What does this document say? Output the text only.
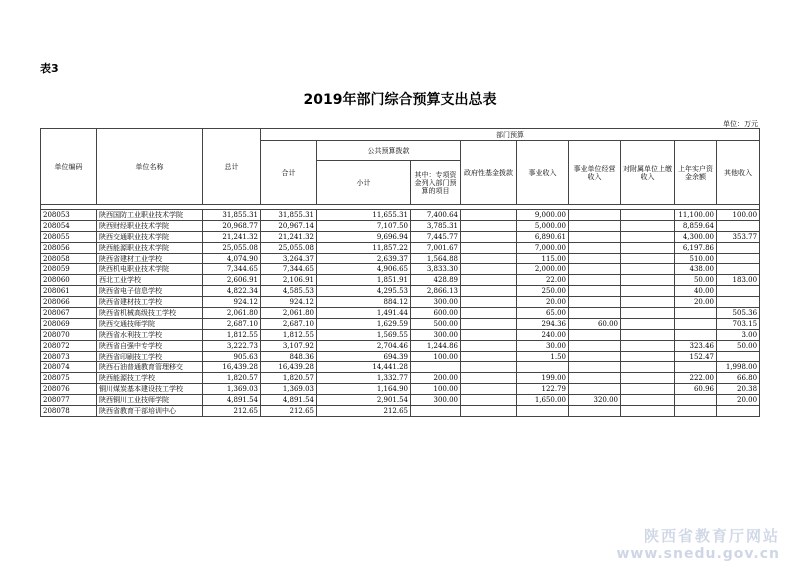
表3
2019年部门综合预算支出总表
单位：万元
单位编码	单位名称	总计	部门预算									
			合计	公共预算拨款		政府性基金拨款	事业收入	事业单位经营收入	对附属单位上缴收入	上年实户资金余额	其他收入	
				小计	其中：专项资金列入部门预算的项目							

208053	陕西国防工业职业技术学院	31,855.31	31,855.31	11,655.31	7,400.64		9,000.00			11,100.00	100.00	
208054	陕西财经职业技术学院	20,968.77	20,967.14	7,107.50	3,785.31		5,000.00			8,859.64		
208055	陕西交通职业技术学院	21,241.32	21,241.32	9,696.94	7,445.77		6,890.61			4,300.00	353.77	
208056	陕西能源职业技术学院	25,055.08	25,055.08	11,857.22	7,001.67		7,000.00			6,197.86		
208058	陕西省建材工业学校	4,074.90	3,264.37	2,639.37	1,564.88		115.00			510.00		
208059	陕西机电职业技术学院	7,344.65	7,344.65	4,906.65	3,833.30		2,000.00			438.00		
208060	西北工业学校	2,606.91	2,106.91	1,851.91	428.89		22.00			50.00	183.00	
208061	陕西省电子信息学校	4,822.34	4,585.53	4,295.53	2,866.13		250.00			40.00		
208066	陕西省建材技工学校	924.12	924.12	884.12	300.00		20.00			20.00		
208067	陕西省机械高级技工学校	2,061.80	2,061.80	1,491.44	600.00		65.00				505.36	
208069	陕西交通技师学院	2,687.10	2,687.10	1,629.59	500.00		294.36	60.00			703.15	
208070	陕西省水利技工学校	1,812.55	1,812.55	1,569.55	300.00		240.00				3.00	
208072	陕西省自强中专学校	3,222.73	3,107.92	2,704.46	1,244.86		30.00			323.46	50.00	
208073	陕西省印刷技工学校	905.63	848.36	694.39	100.00		1.50			152.47		
208074	陕西石油普通教育管理移交	16,439.28	16,439.28	14,441.28							1,998.00	
208075	陕西能源技工学校	1,820.57	1,820.57	1,332.77	200.00		199.00			222.00	66.80	
208076	铜川煤炭基本建设技工学校	1,369.03	1,369.03	1,164.90	100.00		122.79			60.96	20.38	
208077	陕西铜川工业技师学院	4,891.54	4,891.54	2,901.54	300.00		1,650.00	320.00			20.00	
208078	陕西省教育干部培训中心	212.65	212.65	212.65								
陕西省教育厅网站
www.snedu.gov.cn
